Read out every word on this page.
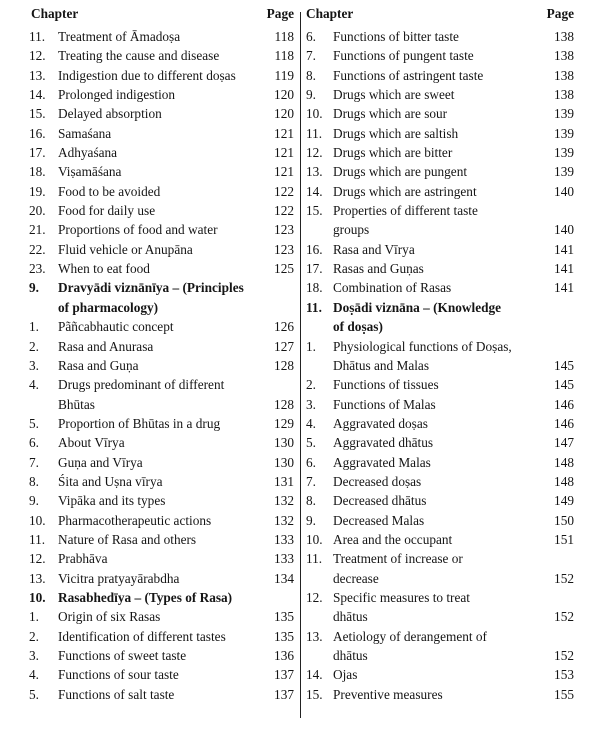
Chapter	Page
11. Treatment of Āmadoṣa	118
12. Treating the cause and disease	118
13. Indigestion due to different doṣas	119
14. Prolonged indigestion	120
15. Delayed absorption	120
16. Samaśana	121
17. Adhyaśana	121
18. Viṣamāśana	121
19. Food to be avoided	122
20. Food for daily use	122
21. Proportions of food and water	123
22. Fluid vehicle or Anupāna	123
23. When to eat food	125
9. Dravyādi viznānīya – (Principles
of pharmacology)
1. Pãñcabhautic concept	126
2. Rasa and Anurasa	127
3. Rasa and Guṇa	128
4. Drugs predominant of different
Bhūtas	128
5. Proportion of Bhūtas in a drug	129
6. About Vīrya	130
7. Guṇa and Vīrya	130
8. Śita and Uṣna vīrya	131
9. Vipāka and its types	132
10. Pharmacotherapeutic actions	132
11. Nature of Rasa and others	133
12. Prabhāva	133
13. Vicitra pratyayārabdha	134
10. Rasabhedīya – (Types of Rasa)
1. Origin of six Rasas	135
2. Identification of different tastes	135
3. Functions of sweet taste	136
4. Functions of sour taste	137
5. Functions of salt taste	137
Chapter	Page
6. Functions of bitter taste	138
7. Functions of pungent taste	138
8. Functions of astringent taste	138
9. Drugs which are sweet	138
10. Drugs which are sour	139
11. Drugs which are saltish	139
12. Drugs which are bitter	139
13. Drugs which are pungent	139
14. Drugs which are astringent	140
15. Properties of different taste
groups	140
16. Rasa and Vīrya	141
17. Rasas and Guṇas	141
18. Combination of Rasas	141
11. Doṣādi viznāna – (Knowledge
of doṣas)
1. Physiological functions of Doṣas,
Dhātus and Malas	145
2. Functions of tissues	145
3. Functions of Malas	146
4. Aggravated doṣas	146
5. Aggravated dhātus	147
6. Aggravated Malas	148
7. Decreased doṣas	148
8. Decreased dhātus	149
9. Decreased Malas	150
10. Area and the occupant	151
11. Treatment of increase or
decrease	152
12. Specific measures to treat
dhātus	152
13. Aetiology of derangement of
dhātus	152
14. Ojas	153
15. Preventive measures	155
